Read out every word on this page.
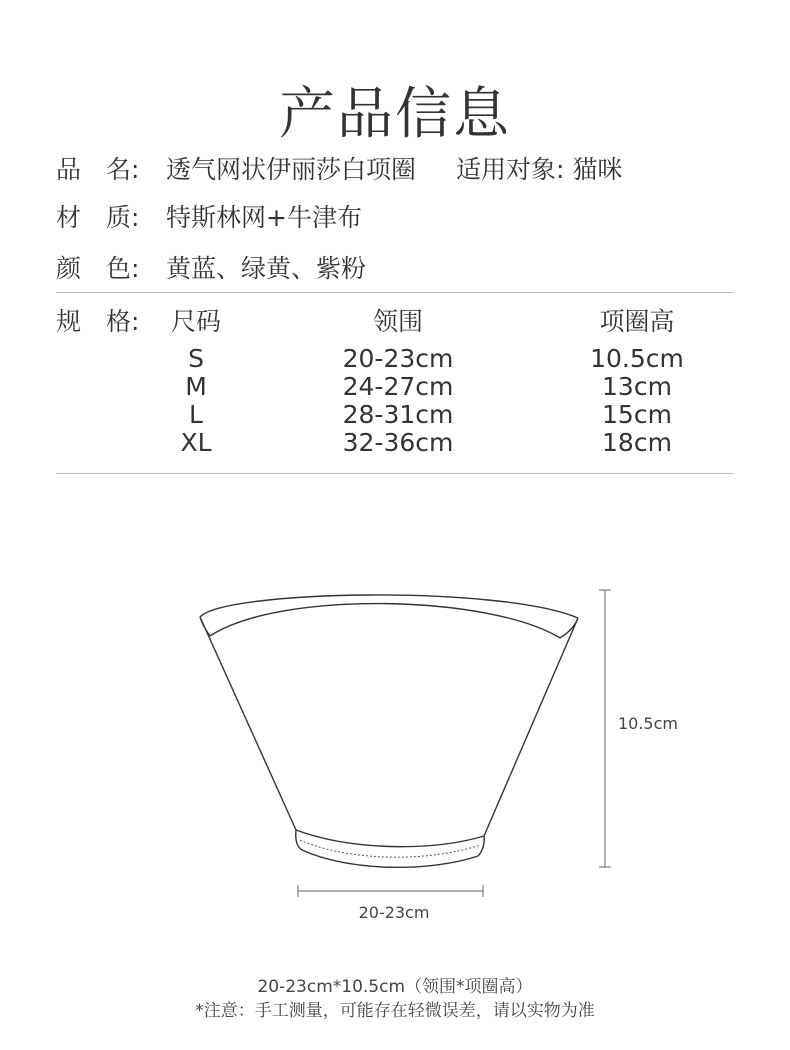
产品信息
品　名: 透气网状伊丽莎白项圈 适用对象: 猫咪
材　质: 特斯林网+牛津布
颜　色: 黄蓝、绿黄、紫粉
规　格: 尺码
S
M
L
XL
领围
20-23cm
24-27cm
28-31cm
32-36cm
项圈高
10.5cm
13cm
15cm
18cm
10.5cm
20-23cm
20-23cm*10.5cm（领围*项圈高）
*注意：手工测量，可能存在轻微误差，请以实物为准
